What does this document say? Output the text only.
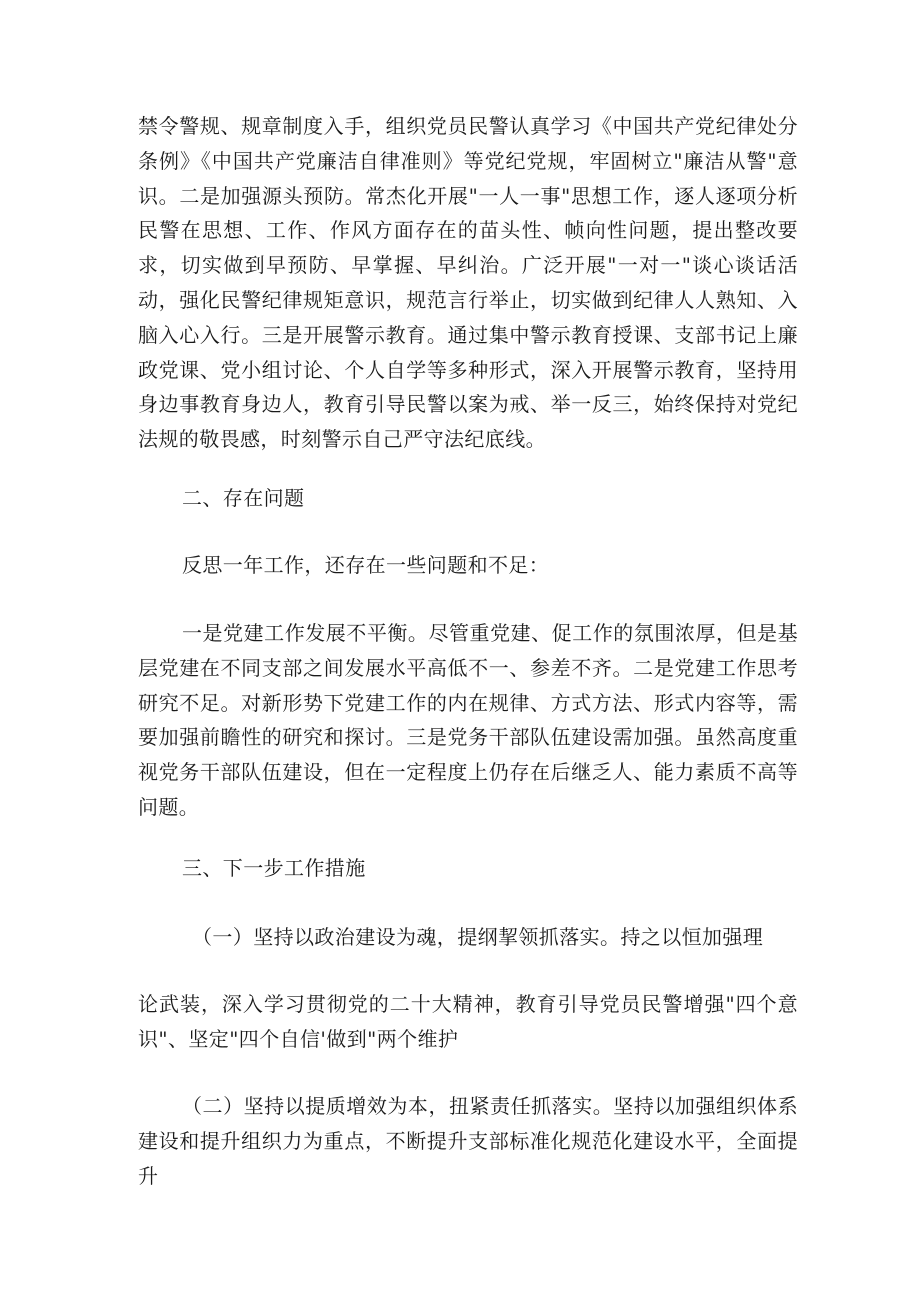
禁令警规、规章制度入手，组织党员民警认真学习《中国共产党纪律处分条例》《中国共产党廉洁自律准则》等党纪党规，牢固树立"廉洁从警"意识。二是加强源头预防。常杰化开展"一人一事"思想工作，逐人逐项分析民警在思想、工作、作风方面存在的苗头性、帧向性问题，提出整改要求，切实做到早预防、早掌握、早纠治。广泛开展"一对一"谈心谈话活动，强化民警纪律规矩意识，规范言行举止，切实做到纪律人人熟知、入脑入心入行。三是开展警示教育。通过集中警示教育授课、支部书记上廉政党课、党小组讨论、个人自学等多种形式，深入开展警示教育，坚持用身边事教育身边人，教育引导民警以案为戒、举一反三，始终保持对党纪法规的敬畏感，时刻警示自己严守法纪底线。

二、存在问题

反思一年工作，还存在一些问题和不足：

一是党建工作发展不平衡。尽管重党建、促工作的氛围浓厚，但是基层党建在不同支部之间发展水平高低不一、参差不齐。二是党建工作思考研究不足。对新形势下党建工作的内在规律、方式方法、形式内容等，需要加强前瞻性的研究和探讨。三是党务干部队伍建设需加强。虽然高度重视党务干部队伍建设，但在一定程度上仍存在后继乏人、能力素质不高等问题。

三、下一步工作措施

（一）坚持以政治建设为魂，提纲挈领抓落实。持之以恒加强理

论武装，深入学习贯彻党的二十大精神，教育引导党员民警增强"四个意识"、坚定"四个自信'做到"两个维护

（二）坚持以提质增效为本，扭紧责任抓落实。坚持以加强组织体系建设和提升组织力为重点，不断提升支部标准化规范化建设水平，全面提升
